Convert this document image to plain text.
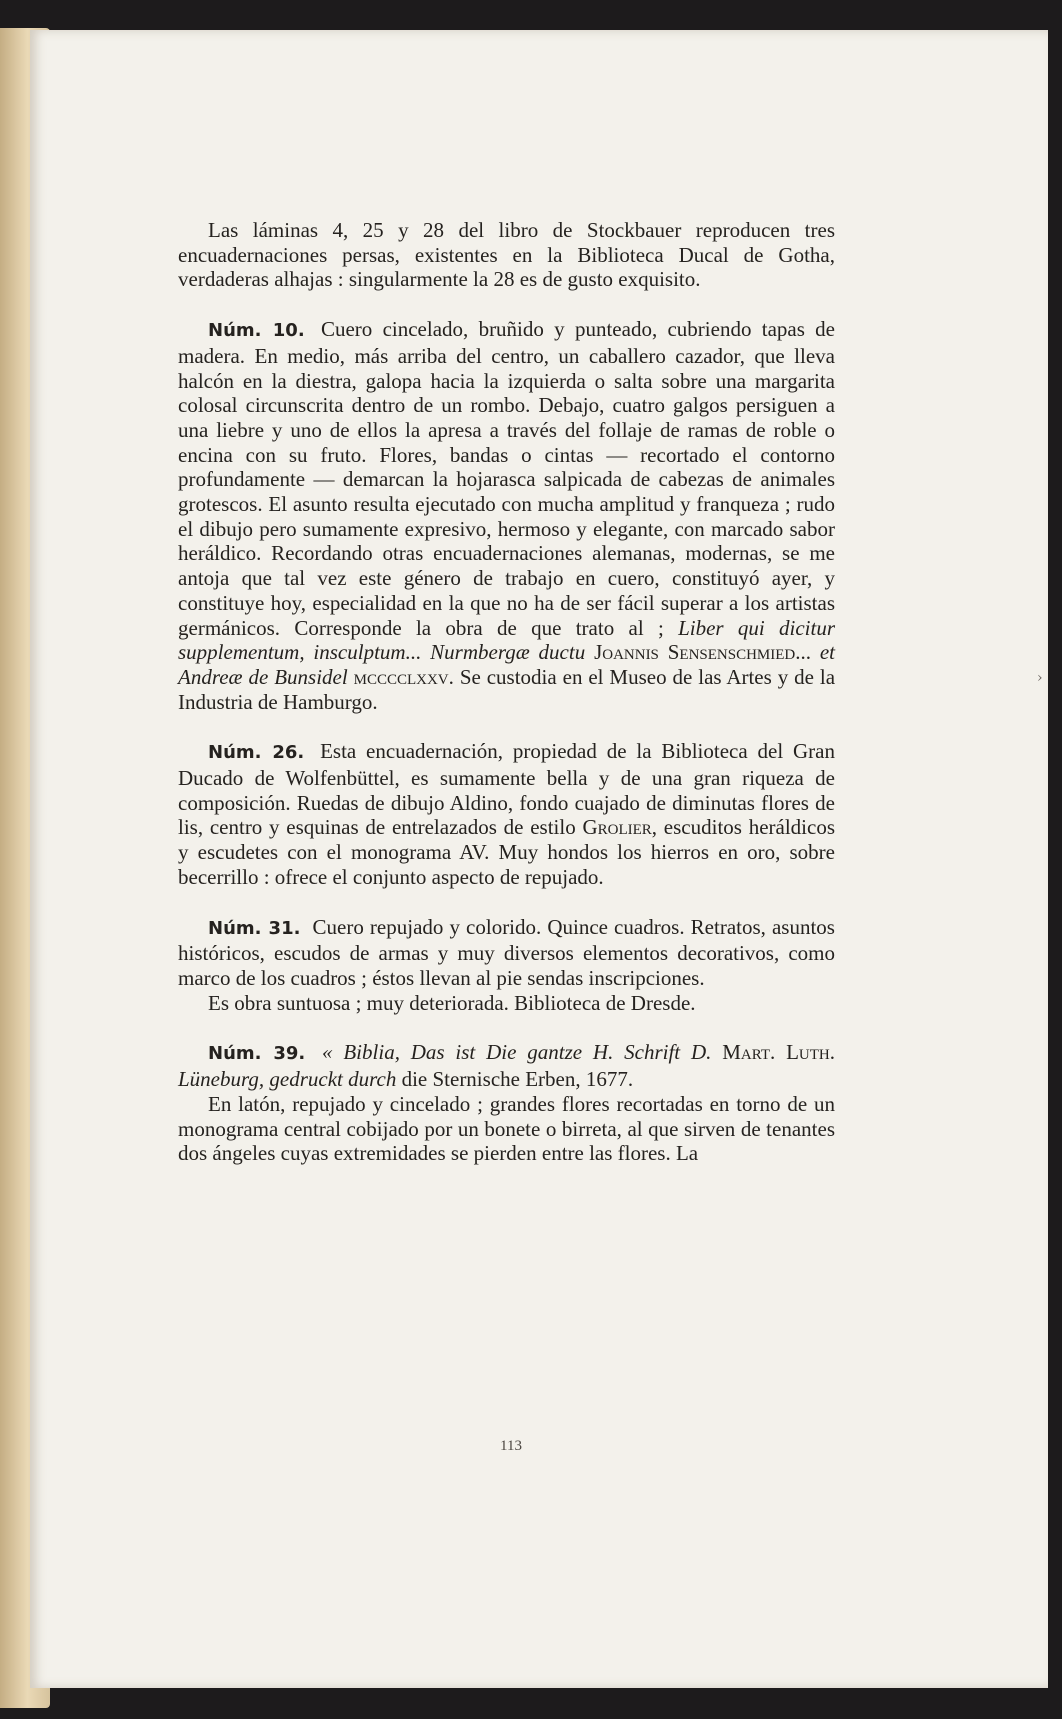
Las láminas 4, 25 y 28 del libro de Stockbauer reproducen tres encuadernaciones persas, existentes en la Biblioteca Ducal de Gotha, verdaderas alhajas : singularmente la 28 es de gusto exquisito.

Núm. 10. Cuero cincelado, bruñido y punteado, cubriendo tapas de madera. En medio, más arriba del centro, un caballero cazador, que lleva halcón en la diestra, galopa hacia la izquierda o salta sobre una margarita colosal circunscrita dentro de un rombo. Debajo, cuatro galgos persiguen a una liebre y uno de ellos la apresa a través del follaje de ramas de roble o encina con su fruto. Flores, bandas o cintas — recortado el contorno profundamente — demarcan la hojarasca salpicada de cabezas de animales grotescos. El asunto resulta ejecutado con mucha amplitud y franqueza ; rudo el dibujo pero sumamente expresivo, hermoso y elegante, con marcado sabor heráldico. Recordando otras encuadernaciones alemanas, modernas, se me antoja que tal vez este género de trabajo en cuero, constituyó ayer, y constituye hoy, especialidad en la que no ha de ser fácil superar a los artistas germánicos. Corresponde la obra de que trato al ; Liber qui dicitur supplementum, insculptum... Nurmbergæ ductu Joannis Sensenschmied... et Andreæ de Bunsidel mcccclxxv. Se custodia en el Museo de las Artes y de la Industria de Hamburgo.

Núm. 26. Esta encuadernación, propiedad de la Biblioteca del Gran Ducado de Wolfenbüttel, es sumamente bella y de una gran riqueza de composición. Ruedas de dibujo Aldino, fondo cuajado de diminutas flores de lis, centro y esquinas de entrelazados de estilo Grolier, escuditos heráldicos y escudetes con el monograma AV. Muy hondos los hierros en oro, sobre becerrillo : ofrece el conjunto aspecto de repujado.

Núm. 31. Cuero repujado y colorido. Quince cuadros. Retratos, asuntos históricos, escudos de armas y muy diversos elementos decorativos, como marco de los cuadros ; éstos llevan al pie sendas inscripciones.

Es obra suntuosa ; muy deteriorada. Biblioteca de Dresde.

Núm. 39. « Biblia, Das ist Die gantze H. Schrift D. Mart. Luth. Lüneburg, gedruckt durch die Sternische Erben, 1677.

En latón, repujado y cincelado ; grandes flores recortadas en torno de un monograma central cobijado por un bonete o birreta, al que sirven de tenantes dos ángeles cuyas extremidades se pierden entre las flores. La

113
›
